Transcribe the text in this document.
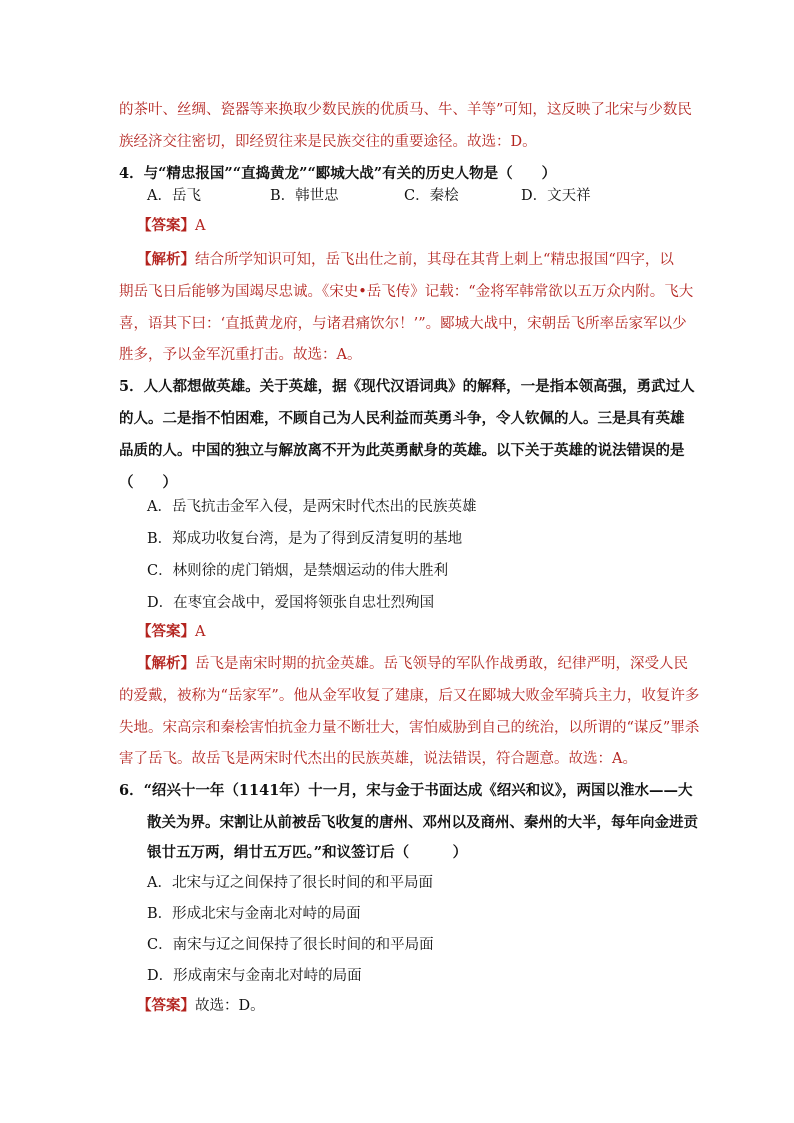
的茶叶、丝绸、瓷器等来换取少数民族的优质马、牛、羊等”可知，这反映了北宋与少数民
族经济交往密切，即经贸往来是民族交往的重要途径。故选：D。
4．与“精忠报国”“直捣黄龙”“郾城大战”有关的历史人物是（　　）
A．岳飞	B．韩世忠	C．秦桧	D．文天祥
【答案】A
【解析】结合所学知识可知，岳飞出仕之前，其母在其背上刺上“精忠报国“四字，以
期岳飞日后能够为国竭尽忠诚。《宋史•岳飞传》记载：“金将军韩常欲以五万众内附。飞大
喜，语其下曰：‘直抵黄龙府，与诸君痛饮尔！’”。郾城大战中，宋朝岳飞所率岳家军以少
胜多，予以金军沉重打击。故选：A。
5．人人都想做英雄。关于英雄，据《现代汉语词典》的解释，一是指本领高强，勇武过人
的人。二是指不怕困难，不顾自己为人民利益而英勇斗争，令人钦佩的人。三是具有英雄
品质的人。中国的独立与解放离不开为此英勇献身的英雄。以下关于英雄的说法错误的是
（　　）
A．岳飞抗击金军入侵，是两宋时代杰出的民族英雄
B．郑成功收复台湾，是为了得到反清复明的基地
C．林则徐的虎门销烟，是禁烟运动的伟大胜利
D．在枣宜会战中，爱国将领张自忠壮烈殉国
【答案】A
【解析】岳飞是南宋时期的抗金英雄。岳飞领导的军队作战勇敢，纪律严明，深受人民
的爱戴，被称为“岳家军”。他从金军收复了建康，后又在郾城大败金军骑兵主力，收复许多
失地。宋高宗和秦桧害怕抗金力量不断壮大，害怕威胁到自己的统治，以所谓的“谋反”罪杀
害了岳飞。故岳飞是两宋时代杰出的民族英雄，说法错误，符合题意。故选：A。
6．“绍兴十一年（1141年）十一月，宋与金于书面达成《绍兴和议》，两国以淮水——大
散关为界。宋割让从前被岳飞收复的唐州、邓州以及商州、秦州的大半，每年向金进贡
银廿五万两，绢廿五万匹。”和议签订后（　　　）
A．北宋与辽之间保持了很长时间的和平局面
B．形成北宋与金南北对峙的局面
C．南宋与辽之间保持了很长时间的和平局面
D．形成南宋与金南北对峙的局面
【答案】故选：D。
